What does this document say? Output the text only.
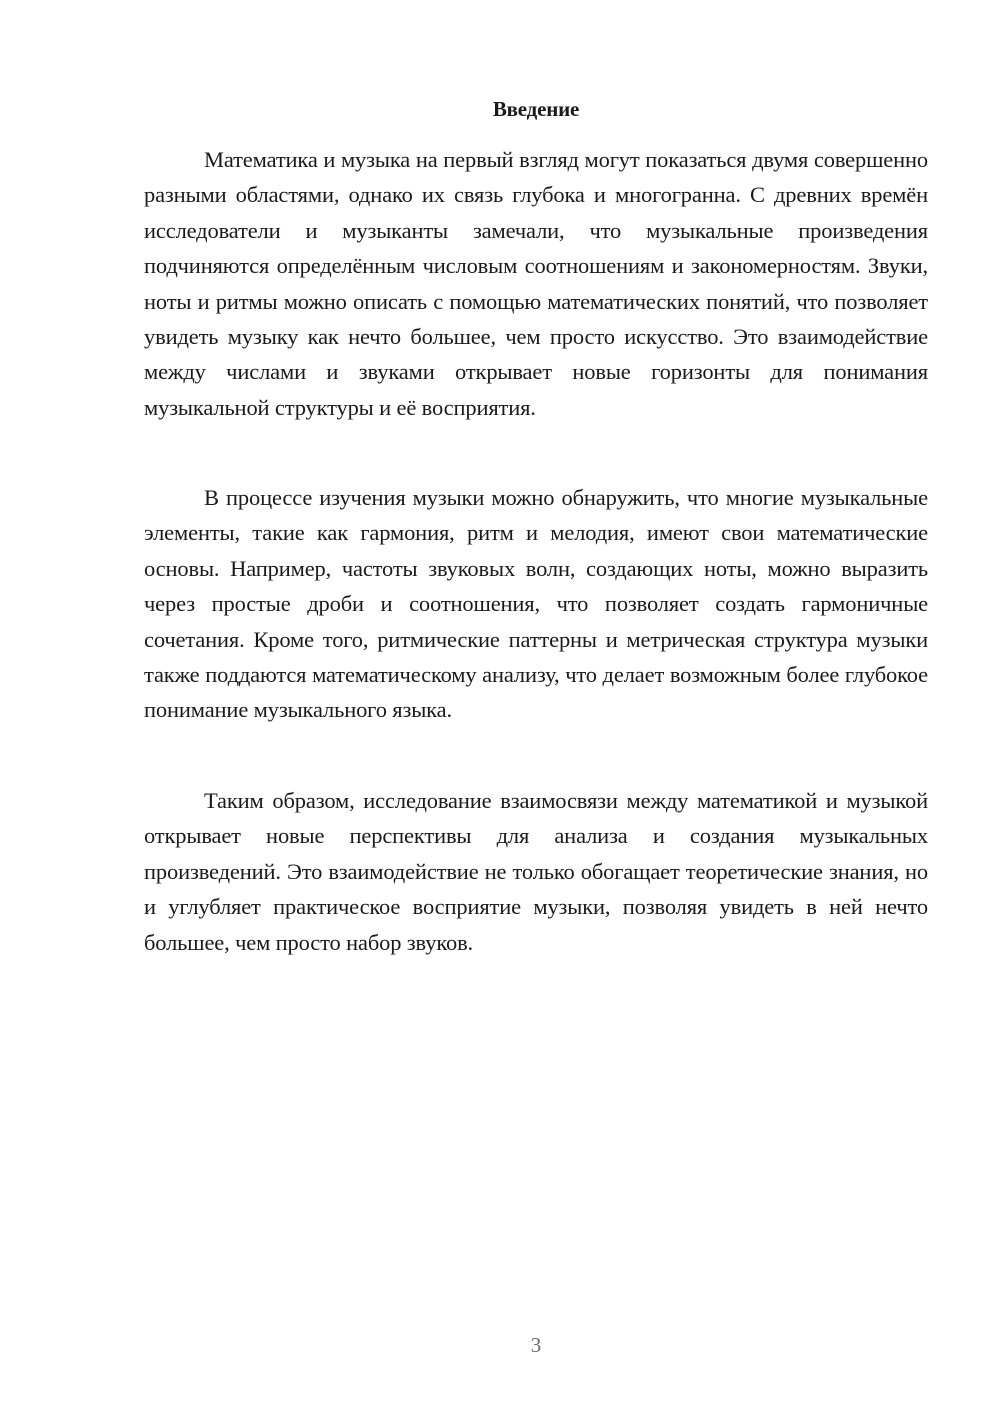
Введение

Математика и музыка на первый взгляд могут показаться двумя совершенно разными областями, однако их связь глубока и многогранна. С древних времён исследователи и музыканты замечали, что музыкальные произведения подчиняются определённым числовым соотношениям и закономерностям. Звуки, ноты и ритмы можно описать с помощью математических понятий, что позволяет увидеть музыку как нечто большее, чем просто искусство. Это взаимодействие между числами и звуками открывает новые горизонты для понимания музыкальной структуры и её восприятия.

В процессе изучения музыки можно обнаружить, что многие музыкальные элементы, такие как гармония, ритм и мелодия, имеют свои математические основы. Например, частоты звуковых волн, создающих ноты, можно выразить через простые дроби и соотношения, что позволяет создать гармоничные сочетания. Кроме того, ритмические паттерны и метрическая структура музыки также поддаются математическому анализу, что делает возможным более глубокое понимание музыкального языка.

Таким образом, исследование взаимосвязи между математикой и музыкой открывает новые перспективы для анализа и создания музыкальных произведений. Это взаимодействие не только обогащает теоретические знания, но и углубляет практическое восприятие музыки, позволяя увидеть в ней нечто большее, чем просто набор звуков.

3
